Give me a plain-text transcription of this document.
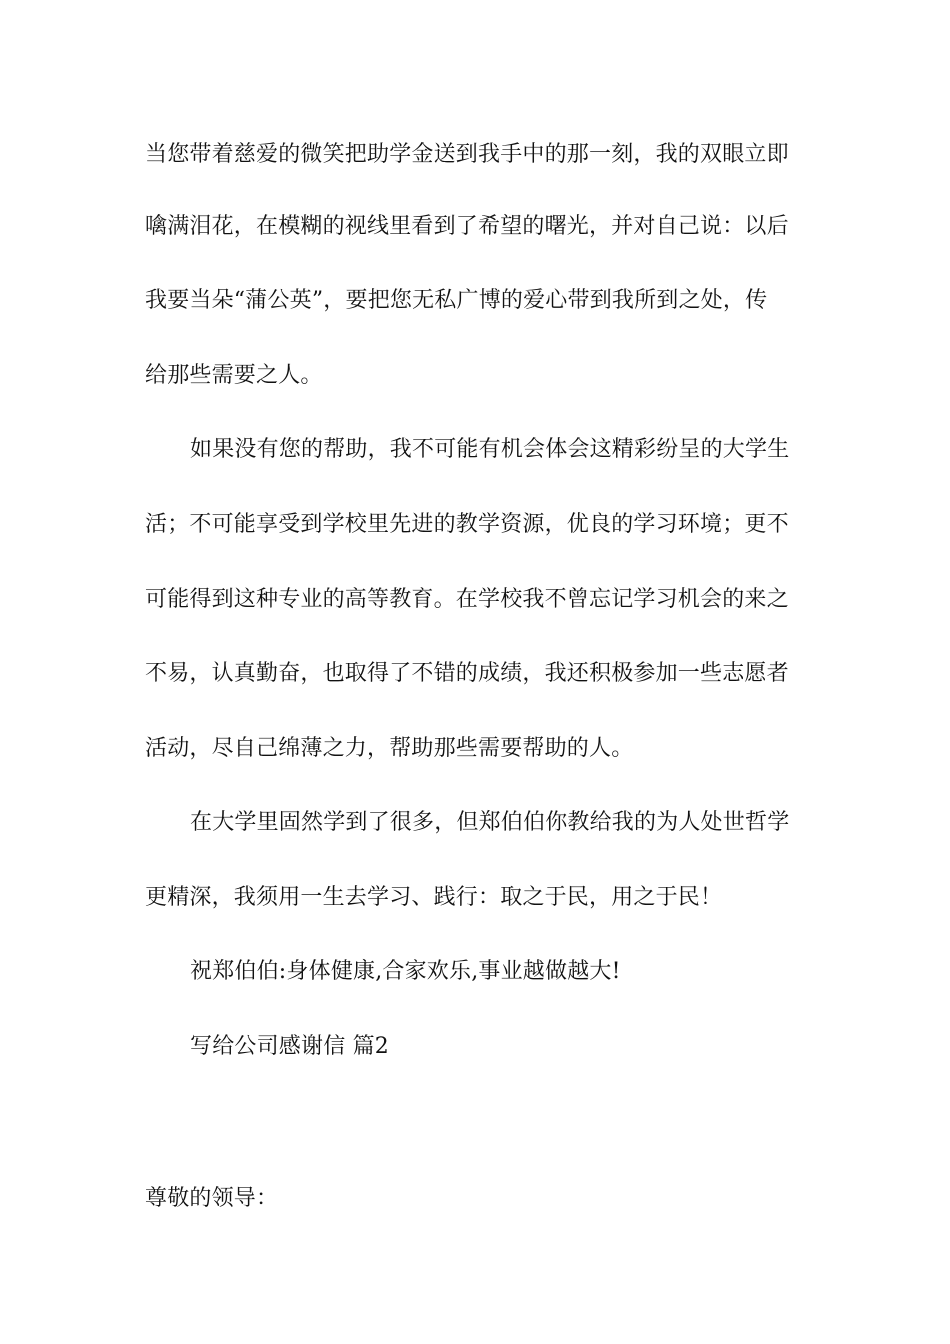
当您带着慈爱的微笑把助学金送到我手中的那一刻，我的双眼立即
噙满泪花，在模糊的视线里看到了希望的曙光，并对自己说：以后
我要当朵“蒲公英”，要把您无私广博的爱心带到我所到之处，传
给那些需要之人。
如果没有您的帮助，我不可能有机会体会这精彩纷呈的大学生
活；不可能享受到学校里先进的教学资源，优良的学习环境；更不
可能得到这种专业的高等教育。在学校我不曾忘记学习机会的来之
不易，认真勤奋，也取得了不错的成绩，我还积极参加一些志愿者
活动，尽自己绵薄之力，帮助那些需要帮助的人。
在大学里固然学到了很多，但郑伯伯你教给我的为人处世哲学
更精深，我须用一生去学习、践行：取之于民，用之于民！
祝郑伯伯:身体健康,合家欢乐,事业越做越大!
写给公司感谢信 篇2
尊敬的领导：
